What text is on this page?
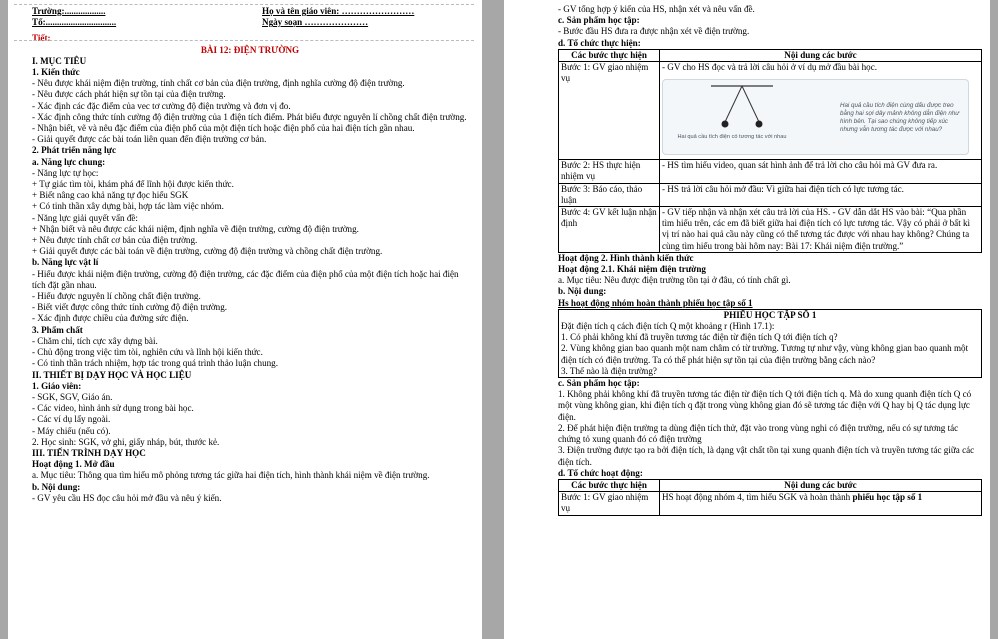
Trường:..................
Tổ:...............................
Họ và tên giáo viên: ……………………
Ngày soạn …………………
Tiết:
BÀI 12: ĐIỆN TRƯỜNG
I. MỤC TIÊU
1. Kiến thức
- Nêu được khái niệm điện trường, tính chất cơ bản của điện trường, định nghĩa cường độ điện trường.
- Nêu được cách phát hiện sự tồn tại của điện trường.
- Xác định các đặc điểm của vec tơ cường độ điện trường và đơn vị đo.
- Xác định công thức tính cường độ điện trường của 1 điện tích điểm. Phát biểu được nguyên lí chồng chất điện trường.
- Nhận biết, vẽ và nêu đặc điểm của điện phổ của một điện tích hoặc điện phổ của hai điện tích gần nhau.
- Giải quyết được các bài toán liên quan đến điện trường cơ bản.
2. Phát triển năng lực
a. Năng lực chung:
- Năng lực tự học:
+ Tự giác tìm tòi, khám phá để lĩnh hội được kiến thức.
+ Biết nâng cao khả năng tự đọc hiểu SGK
+ Có tinh thần xây dựng bài, hợp tác làm việc nhóm.
- Năng lực giải quyết vấn đề:
+ Nhận biết và nêu được các khái niệm, định nghĩa về điện trường, cường độ điện trường.
+ Nêu được tính chất cơ bản của điện trường.
+ Giải quyết được các bài toán về điện trường, cường độ điện trường và chồng chất điện trường.
b. Năng lực vật lí
- Hiểu được khái niệm điện trường, cường độ điện trường, các đặc điểm của điện phổ của một điện tích hoặc hai điện tích đặt gần nhau.
- Hiểu được nguyên lí chồng chất điện trường.
- Biết viết được công thức tính cường độ điện trường.
- Xác định được chiều của đường sức điện.
3. Phẩm chất
- Chăm chỉ, tích cực xây dựng bài.
- Chủ động trong việc tìm tòi, nghiên cứu và lĩnh hội kiến thức.
- Có tinh thần trách nhiệm, hợp tác trong quá trình thảo luận chung.
II. THIẾT BỊ DẠY HỌC VÀ HỌC LIỆU
1. Giáo viên:
- SGK, SGV, Giáo án.
- Các video, hình ảnh sử dụng trong bài học.
- Các ví dụ lấy ngoài.
- Máy chiếu (nếu có).
2. Học sinh: SGK, vở ghi, giấy nháp, bút, thước kẻ.
III. TIẾN TRÌNH DẠY HỌC
Hoạt động 1. Mở đầu
a. Mục tiêu: Thông qua tìm hiểu mô phỏng tương tác giữa hai điện tích, hình thành khái niệm về điện trường.
b. Nội dung:
- GV yêu cầu HS đọc câu hỏi mở đầu và nêu ý kiến.
- GV tổng hợp ý kiến của HS, nhận xét và nêu vấn đề.
c. Sản phẩm học tập:
- Bước đầu HS đưa ra được nhận xét về điện trường.
d. Tổ chức thực hiện:
Các bước thực hiện	Nội dung các bước
Bước 1: GV giao nhiệm vụ	- GV cho HS đọc và trả lời câu hỏi ở ví dụ mở đầu bài học.
Hai quả cầu tích điện có tương tác với nhau
Hai quả cầu tích điện cùng dấu được treo bằng hai sợi dây mảnh không dẫn điện như hình bên. Tại sao chúng không tiếp xúc nhưng vẫn tương tác được với nhau?

Bước 2: HS thực hiện nhiệm vụ	- HS tìm hiểu video, quan sát hình ảnh để trả lời cho câu hỏi mà GV đưa ra.
Bước 3: Báo cáo, thảo luận	- HS trả lời câu hỏi mở đầu: Vì giữa hai điện tích có lực tương tác.
Bước 4: GV kết luận nhận định	- GV tiếp nhận và nhận xét câu trả lời của HS. - GV dẫn dắt HS vào bài: “Qua phần tìm hiểu trên, các em đã biết giữa hai điện tích có lực tương tác. Vậy có phải ở bất kì vị trí nào hai quả cầu này cũng có thể tương tác được với nhau hay không? Chúng ta cùng tìm hiểu trong bài hôm nay: Bài 17: Khái niệm điện trường.”
Hoạt động 2. Hình thành kiến thức
Hoạt động 2.1. Khái niệm điện trường
a. Mục tiêu: Nêu được điện trường tồn tại ở đâu, có tính chất gì.
b. Nội dung:
Hs hoạt động nhóm hoàn thành phiếu học tập số 1
PHIẾU HỌC TẬP SỐ 1
Đặt điện tích q cách điện tích Q một khoảng r (Hình 17.1):
1. Có phải không khí đã truyền tương tác điện từ điện tích Q tới điện tích q?
2. Vùng không gian bao quanh một nam châm có từ trường. Tương tự như vậy, vùng không gian bao quanh một điện tích có điện trường. Ta có thể phát hiện sự tồn tại của điện trường bằng cách nào?
3. Thế nào là điện trường?
c. Sản phẩm học tập:
1. Không phải không khí đã truyền tương tác điện từ điện tích Q tới điện tích q. Mà do xung quanh điện tích Q có một vùng không gian, khi điện tích q đặt trong vùng không gian đó sẽ tương tác điện với Q hay bị Q tác dụng lực điện.
2. Để phát hiện điện trường ta dùng điện tích thử, đặt vào trong vùng nghi có điện trường, nếu có sự tương tác chứng tỏ xung quanh đó có điện trường
3. Điện trường được tạo ra bởi điện tích, là dạng vật chất tồn tại xung quanh điện tích và truyền tương tác giữa các điện tích.
d. Tổ chức hoạt động:
Các bước thực hiện	Nội dung các bước
Bước 1: GV giao nhiệm vụ	HS hoạt động nhóm 4, tìm hiểu SGK và hoàn thành phiếu học tập số 1
